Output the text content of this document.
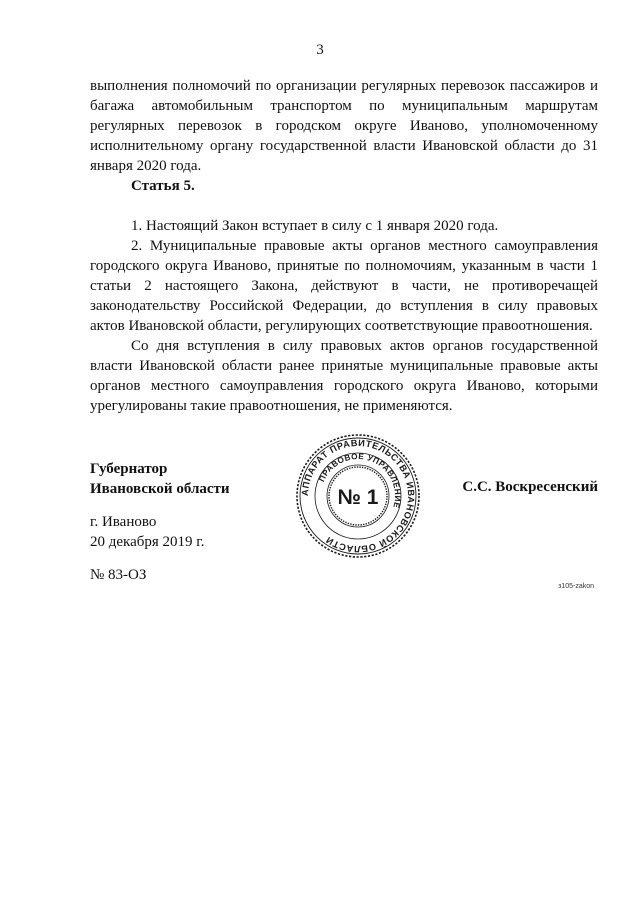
3

выполнения полномочий по организации регулярных перевозок пассажиров и багажа автомобильным транспортом по муниципальным маршрутам регулярных перевозок в городском округе Иваново, уполномоченному исполнительному органу государственной власти Ивановской области до 31 января 2020 года.

Статья 5.

1. Настоящий Закон вступает в силу с 1 января 2020 года.

2. Муниципальные правовые акты органов местного самоуправления городского округа Иваново, принятые по полномочиям, указанным в части 1 статьи 2 настоящего Закона, действуют в части, не противоречащей законодательству Российской Федерации, до вступления в силу правовых актов Ивановской области, регулирующих соответствующие правоотношения.

Со дня вступления в силу правовых актов органов государственной власти Ивановской области ранее принятые муниципальные правовые акты органов местного самоуправления городского округа Иваново, которыми урегулированы такие правоотношения, не применяются.

Губернатор
Ивановской области	АППАРАТ ПРАВИТЕЛЬСТВА ИВАНОВСКОЙ ОБЛАСТИ
ПРАВОВОЕ УПРАВЛЕНИЕ
№ 1	С.С. Воскресенский
г. Иваново
20 декабря 2019 г.
№ 83-ОЗ
з105-zakon
